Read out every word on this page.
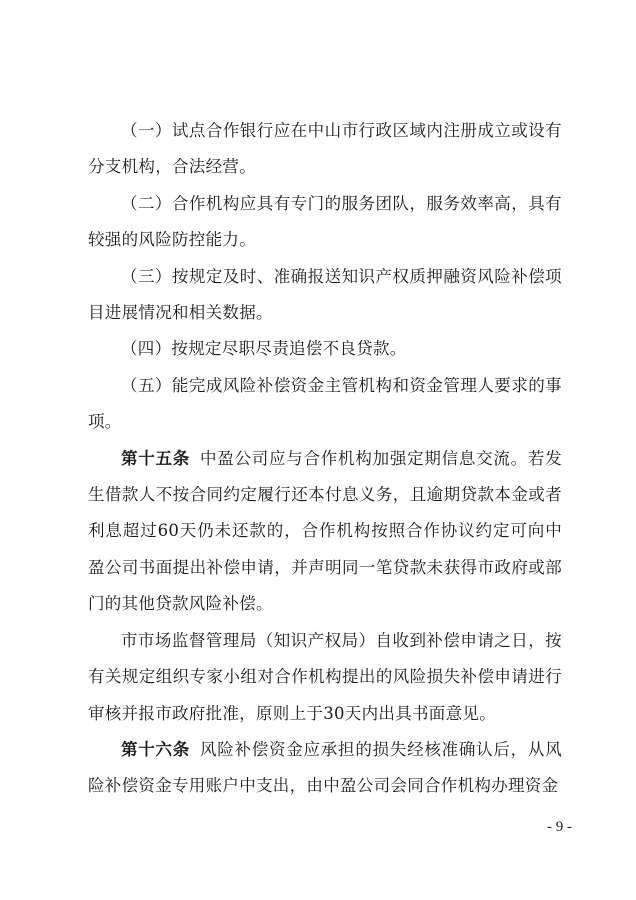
（一）试点合作银行应在中山市行政区域内注册成立或设有分支机构，合法经营。

（二）合作机构应具有专门的服务团队，服务效率高，具有较强的风险防控能力。

（三）按规定及时、准确报送知识产权质押融资风险补偿项目进展情况和相关数据。

（四）按规定尽职尽责追偿不良贷款。

（五）能完成风险补偿资金主管机构和资金管理人要求的事项。

第十五条 中盈公司应与合作机构加强定期信息交流。若发生借款人不按合同约定履行还本付息义务，且逾期贷款本金或者利息超过60天仍未还款的，合作机构按照合作协议约定可向中盈公司书面提出补偿申请，并声明同一笔贷款未获得市政府或部门的其他贷款风险补偿。

市市场监督管理局（知识产权局）自收到补偿申请之日，按有关规定组织专家小组对合作机构提出的风险损失补偿申请进行审核并报市政府批准，原则上于30天内出具书面意见。

第十六条 风险补偿资金应承担的损失经核准确认后，从风险补偿资金专用账户中支出，由中盈公司会同合作机构办理资金

- 9 -
